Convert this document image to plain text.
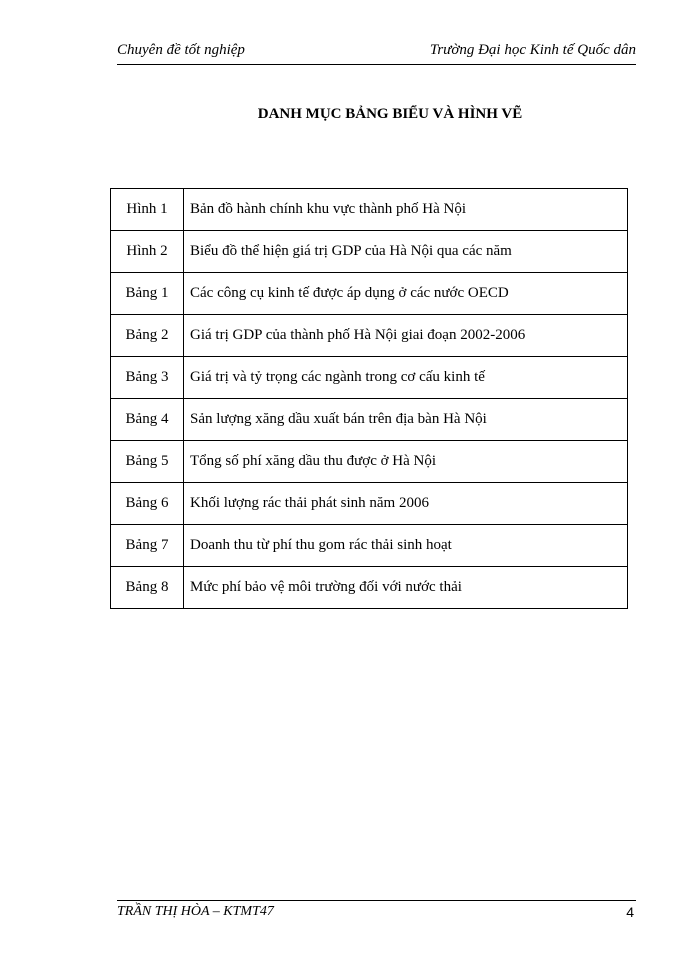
Chuyên đề tốt nghiệp	Trường Đại học Kinh tế Quốc dân
DANH MỤC BẢNG BIỂU VÀ HÌNH VẼ
Hình 1	Bản đồ hành chính khu vực thành phố Hà Nội
Hình 2	Biểu đồ thể hiện giá trị GDP của Hà Nội qua các năm
Bảng 1	Các công cụ kinh tế được áp dụng ở các nước OECD
Bảng 2	Giá trị GDP của thành phố Hà Nội giai đoạn 2002-2006
Bảng 3	Giá trị và tỷ trọng các ngành trong cơ cấu kinh tế
Bảng 4	Sản lượng xăng dầu xuất bán trên địa bàn Hà Nội
Bảng 5	Tổng số phí xăng dầu thu được ở Hà Nội
Bảng 6	Khối lượng rác thải phát sinh năm 2006
Bảng 7	Doanh thu từ phí thu gom rác thải sinh hoạt
Bảng 8	Mức phí bảo vệ môi trường đối với nước thải
TRẦN THỊ HÒA – KTMT47	4
